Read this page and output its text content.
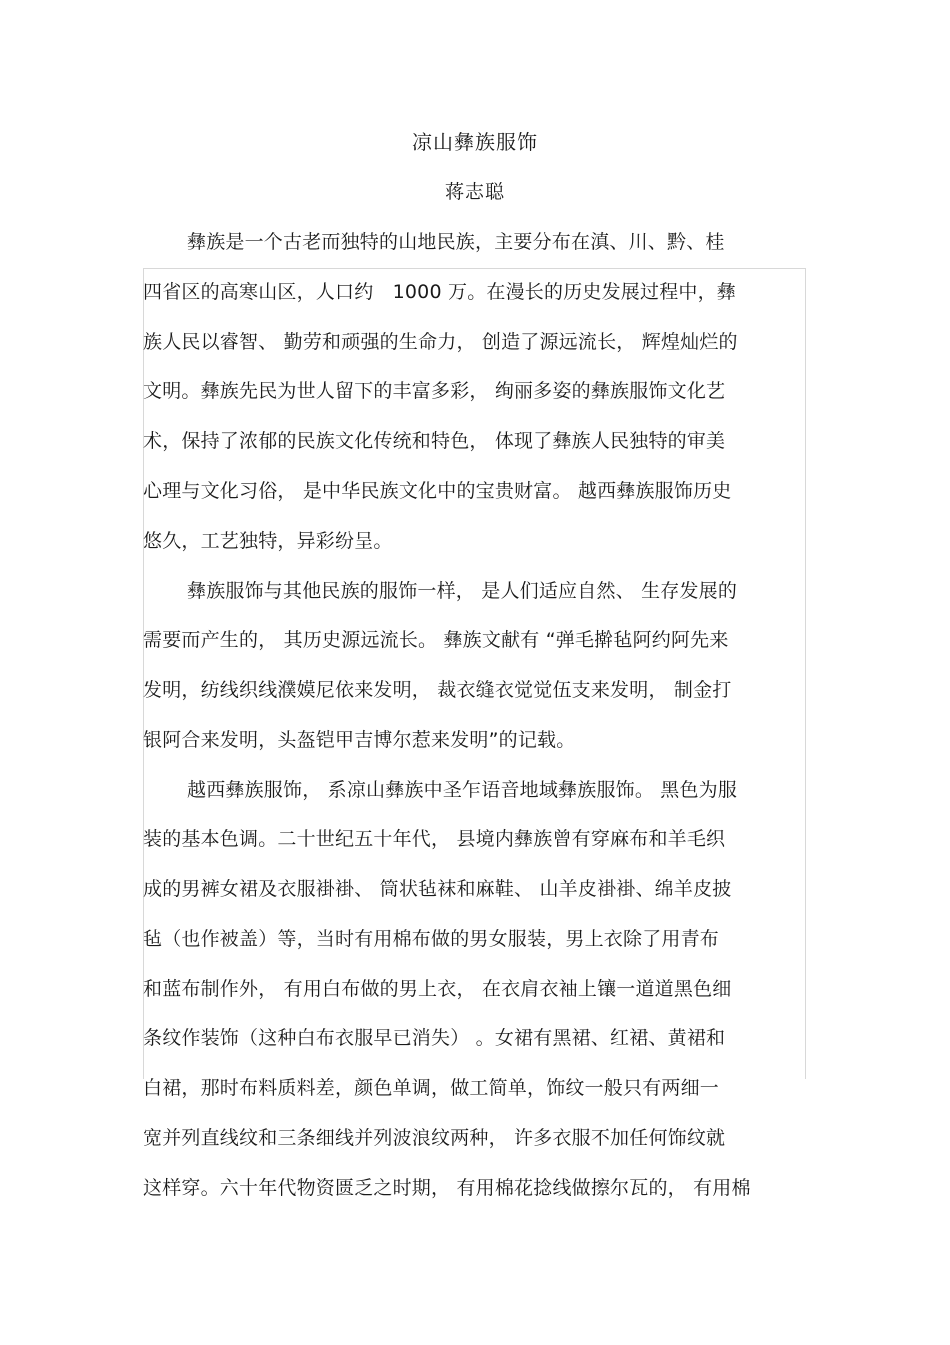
凉山彝族服饰
蒋志聪
彝族是一个古老而独特的山地民族，主要分布在滇、川、黔、桂
四省区的高寒山区，人口约　1000 万。在漫长的历史发展过程中，彝
族人民以睿智、 勤劳和顽强的生命力， 创造了源远流长， 辉煌灿烂的
文明。彝族先民为世人留下的丰富多彩， 绚丽多姿的彝族服饰文化艺
术，保持了浓郁的民族文化传统和特色， 体现了彝族人民独特的审美
心理与文化习俗， 是中华民族文化中的宝贵财富。 越西彝族服饰历史
悠久，工艺独特，异彩纷呈。
彝族服饰与其他民族的服饰一样， 是人们适应自然、 生存发展的
需要而产生的， 其历史源远流长。 彝族文献有 “弹毛擀毡阿约阿先来
发明，纺线织线濮嫫尼依来发明， 裁衣缝衣觉觉伍支来发明， 制金打
银阿合来发明，头盔铠甲吉博尔惹来发明”的记载。
越西彝族服饰， 系凉山彝族中圣乍语音地域彝族服饰。 黑色为服
装的基本色调。二十世纪五十年代， 县境内彝族曾有穿麻布和羊毛织
成的男裤女裙及衣服褂褂、 筒状毡袜和麻鞋、 山羊皮褂褂、绵羊皮披
毡（也作被盖）等，当时有用棉布做的男女服装，男上衣除了用青布
和蓝布制作外， 有用白布做的男上衣， 在衣肩衣袖上镶一道道黑色细
条纹作装饰（这种白布衣服早已消失） 。女裙有黑裙、红裙、黄裙和
白裙，那时布料质料差，颜色单调，做工简单，饰纹一般只有两细一
宽并列直线纹和三条细线并列波浪纹两种， 许多衣服不加任何饰纹就
这样穿。六十年代物资匮乏之时期， 有用棉花捻线做擦尔瓦的， 有用棉
